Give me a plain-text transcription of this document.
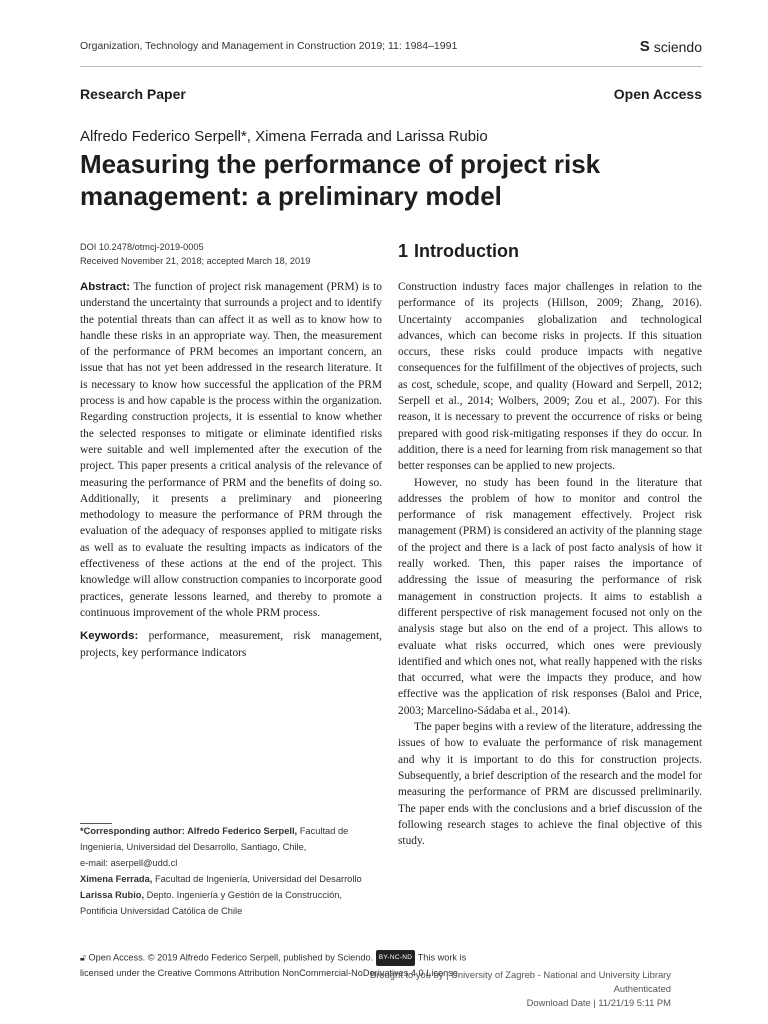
Organization, Technology and Management in Construction 2019; 11: 1984–1991	S sciendo
Research Paper	Open Access
Alfredo Federico Serpell*, Ximena Ferrada and Larissa Rubio
Measuring the performance of project risk management: a preliminary model
DOI 10.2478/otmcj-2019-0005
Received November 21, 2018; accepted March 18, 2019

Abstract: The function of project risk management (PRM) is to understand the uncertainty that surrounds a project and to identify the potential threats than can affect it as well as to know how to handle these risks in an appropriate way. Then, the measurement of the performance of PRM becomes an important concern, an issue that has not yet been addressed in the research literature. It is necessary to know how successful the application of the PRM process is and how capable is the process within the organization. Regarding construction projects, it is essential to know whether the selected responses to mitigate or eliminate identified risks were suitable and well implemented after the execution of the project. This paper presents a critical analysis of the relevance of measuring the performance of PRM and the benefits of doing so. Additionally, it presents a preliminary and pioneering methodology to measure the performance of PRM through the evaluation of the adequacy of responses applied to mitigate risks as well as to evaluate the resulting impacts as indicators of the effectiveness of these actions at the end of the project. This knowledge will allow construction companies to incorporate good practices, generate lessons learned, and thereby to promote a continuous improvement of the whole PRM process.

Keywords: performance, measurement, risk management, projects, key performance indicators

1 Introduction

Construction industry faces major challenges in relation to the performance of its projects (Hillson, 2009; Zhang, 2016). Uncertainty accompanies globalization and technological advances, which can become risks in projects. If this situation occurs, these risks could produce impacts with negative consequences for the fulfillment of the objectives of projects, such as cost, schedule, scope, and quality (Howard and Serpell, 2012; Serpell et al., 2014; Wolbers, 2009; Zou et al., 2007). For this reason, it is necessary to prevent the occurrence of risks or being prepared with good risk-mitigating responses if they do occur. In addition, there is a need for learning from risk management so that better responses can be applied to new projects.

However, no study has been found in the literature that addresses the problem of how to monitor and control the performance of risk management effectively. Project risk management (PRM) is considered an activity of the planning stage of the project and there is a lack of post facto analysis of how it really worked. Then, this paper raises the importance of addressing the issue of measuring the performance of risk management in construction projects. It aims to establish a different perspective of risk management focused not only on the analysis stage but also on the end of a project. This allows to evaluate what risks occurred, which ones were previously identified and which ones not, what really happened with the risks that occurred, what were the impacts they produce, and how effective was the application of risk responses (Baloi and Price, 2003; Marcelino-Sádaba et al., 2014).

The paper begins with a review of the literature, addressing the issues of how to evaluate the performance of risk management and why it is important to do this for construction projects. Subsequently, a brief description of the research and the model for measuring the performance of PRM are discussed preliminarily. The paper ends with the conclusions and a brief discussion of the following research stages to achieve the final objective of this study.

*Corresponding author: Alfredo Federico Serpell, Facultad de Ingeniería, Universidad del Desarrollo, Santiago, Chile,
e-mail: aserpell@udd.cl
Ximena Ferrada, Facultad de Ingeniería, Universidad del Desarrollo
Larissa Rubio, Depto. Ingeniería y Gestión de la Construcción, Pontificia Universidad Católica de Chile
🔓︎ Open Access. © 2019 Alfredo Federico Serpell, published by Sciendo. BY-NC-ND This work is licensed under the Creative Commons Attribution NonCommercial-NoDerivatives 4.0 License.
Brought to you by | University of Zagreb - National and University Library
Authenticated
Download Date | 11/21/19 5:11 PM
